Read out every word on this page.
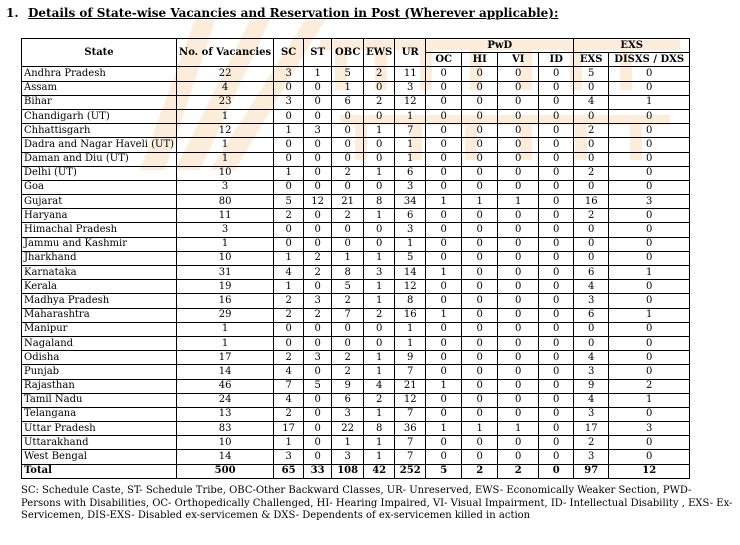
1. Details of State-wise Vacancies and Reservation in Post (Wherever applicable):
State	No. of Vacancies	SC	ST	OBC	EWS	UR	PwD				EXS	
							OC	HI	VI	ID	EXS	DISXS / DXS
Andhra Pradesh	22	3	1	5	2	11	0	0	0	0	5	0
Assam	4	0	0	1	0	3	0	0	0	0	0	0
Bihar	23	3	0	6	2	12	0	0	0	0	4	1
Chandigarh (UT)	1	0	0	0	0	1	0	0	0	0	0	0
Chhattisgarh	12	1	3	0	1	7	0	0	0	0	2	0
Dadra and Nagar Haveli (UT)	1	0	0	0	0	1	0	0	0	0	0	0
Daman and Diu (UT)	1	0	0	0	0	1	0	0	0	0	0	0
Delhi (UT)	10	1	0	2	1	6	0	0	0	0	2	0
Goa	3	0	0	0	0	3	0	0	0	0	0	0
Gujarat	80	5	12	21	8	34	1	1	1	0	16	3
Haryana	11	2	0	2	1	6	0	0	0	0	2	0
Himachal Pradesh	3	0	0	0	0	3	0	0	0	0	0	0
Jammu and Kashmir	1	0	0	0	0	1	0	0	0	0	0	0
Jharkhand	10	1	2	1	1	5	0	0	0	0	0	0
Karnataka	31	4	2	8	3	14	1	0	0	0	6	1
Kerala	19	1	0	5	1	12	0	0	0	0	4	0
Madhya Pradesh	16	2	3	2	1	8	0	0	0	0	3	0
Maharashtra	29	2	2	7	2	16	1	0	0	0	6	1
Manipur	1	0	0	0	0	1	0	0	0	0	0	0
Nagaland	1	0	0	0	0	1	0	0	0	0	0	0
Odisha	17	2	3	2	1	9	0	0	0	0	4	0
Punjab	14	4	0	2	1	7	0	0	0	0	3	0
Rajasthan	46	7	5	9	4	21	1	0	0	0	9	2
Tamil Nadu	24	4	0	6	2	12	0	0	0	0	4	1
Telangana	13	2	0	3	1	7	0	0	0	0	3	0
Uttar Pradesh	83	17	0	22	8	36	1	1	1	0	17	3
Uttarakhand	10	1	0	1	1	7	0	0	0	0	2	0
West Bengal	14	3	0	3	1	7	0	0	0	0	3	0
Total	500	65	33	108	42	252	5	2	2	0	97	12
SC: Schedule Caste, ST- Schedule Tribe, OBC-Other Backward Classes, UR- Unreserved, EWS- Economically Weaker Section, PWD- Persons with Disabilities, OC- Orthopedically Challenged, HI- Hearing Impaired, VI- Visual Impairment, ID- Intellectual Disability , EXS- Ex-Servicemen, DIS-EXS- Disabled ex-servicemen & DXS- Dependents of ex-servicemen killed in action
